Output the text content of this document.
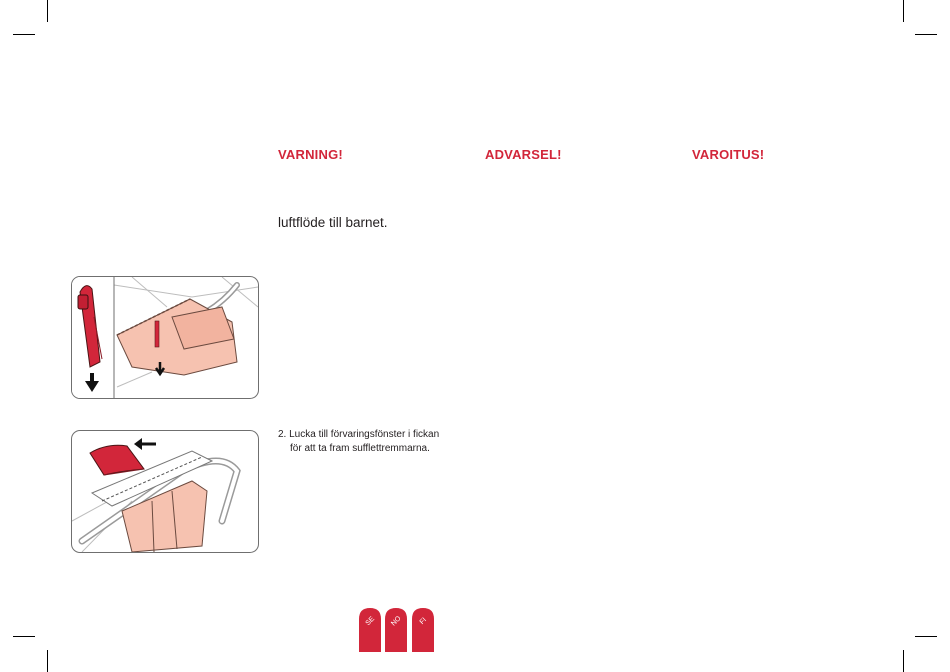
VARNING!	ADVARSEL!	VAROITUS!
luftflöde till barnet.
2. Lucka till förvaringsfönster i fickan
för att ta fram sufflettremmarna.
SE NO FI
